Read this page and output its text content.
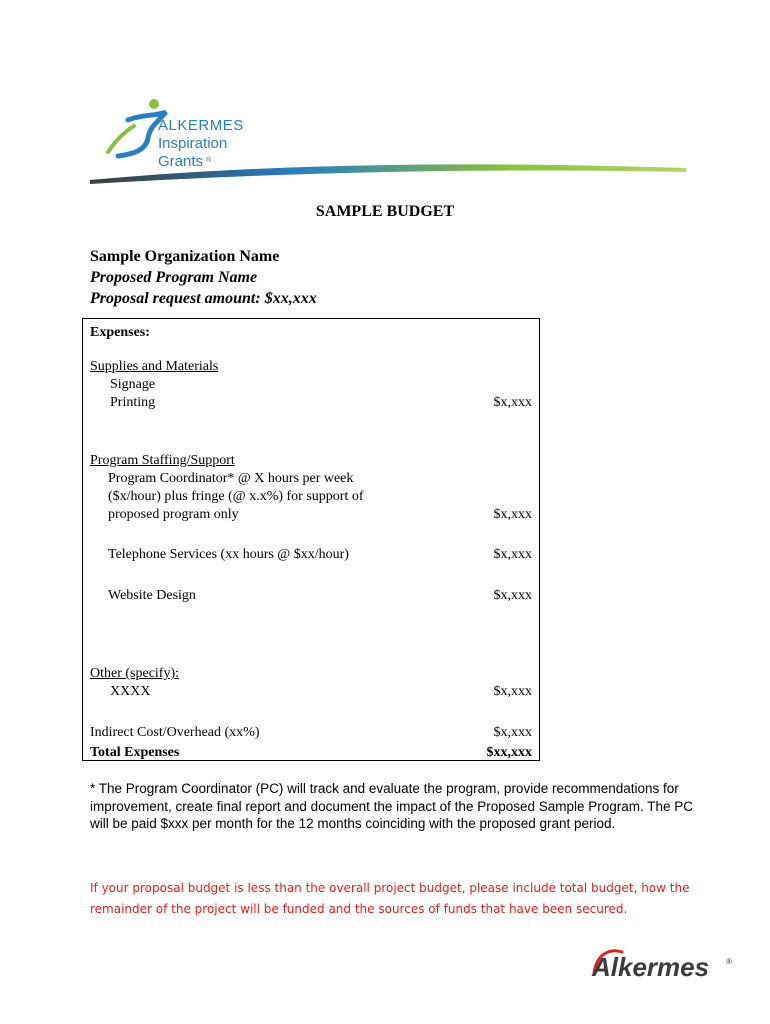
ALKERMES
Inspiration
Grants ®
SAMPLE BUDGET
Sample Organization Name
Proposed Program Name
Proposal request amount: $xx,xxx
Expenses:
Supplies and Materials
Signage
Printing	$x,xxx
Program Staffing/Support
Program Coordinator* @ X hours per week
($x/hour) plus fringe (@ x.x%) for support of
proposed program only	$x,xxx
Telephone Services (xx hours @ $xx/hour)	$x,xxx
Website Design	$x,xxx
Other (specify):
XXXX	$x,xxx
Indirect Cost/Overhead (xx%)	$x,xxx
Total Expenses	$xx,xxx
* The Program Coordinator (PC) will track and evaluate the program, provide recommendations for improvement, create final report and document the impact of the Proposed Sample Program. The PC will be paid $xxx per month for the 12 months coinciding with the proposed grant period.
If your proposal budget is less than the overall project budget, please include total budget, how the remainder of the project will be funded and the sources of funds that have been secured.
Alkermes ®
